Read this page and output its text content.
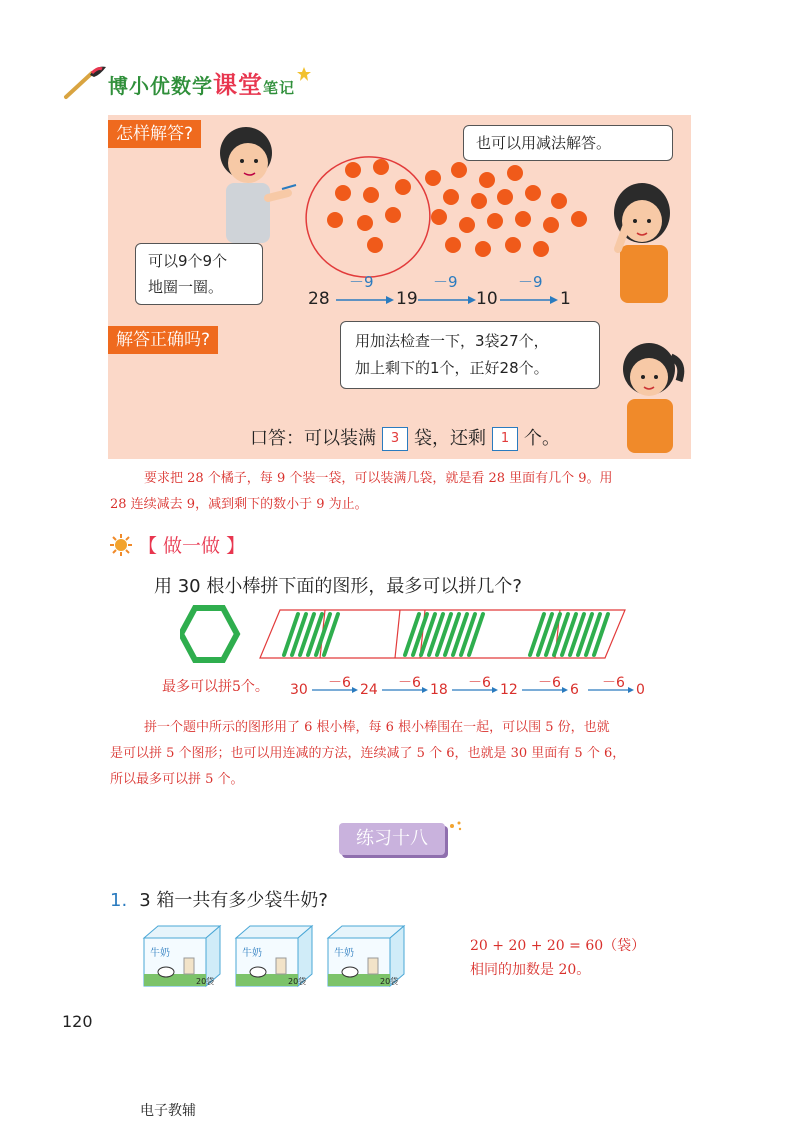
博小优数学课堂笔记
怎样解答?
解答正确吗?
可以9个9个
地圈一圈。
也可以用减法解答。
28
－9
19
－9
10
－9
1
用加法检查一下，3袋27个，
加上剩下的1个，正好28个。
口答：可以装满 3 袋，还剩 1 个。
要求把 28 个橘子，每 9 个装一袋，可以装满几袋，就是看 28 里面有几个 9。用
28 连续减去 9，减到剩下的数小于 9 为止。
【 做一做 】
用 30 根小棒拼下面的图形，最多可以拼几个?
最多可以拼5个。 30 －6 24 －6 18 －6 12 －6 6 －6 0
拼一个题中所示的图形用了 6 根小棒，每 6 根小棒围在一起，可以围 5 份，也就
是可以拼 5 个图形；也可以用连减的方法，连续减了 5 个 6，也就是 30 里面有 5 个 6，
所以最多可以拼 5 个。
练习十八
1. 3 箱一共有多少袋牛奶?
牛奶
20袋
牛奶
20袋
牛奶
20袋
20 + 20 + 20 = 60（袋）
相同的加数是 20。
120
电子教辅
